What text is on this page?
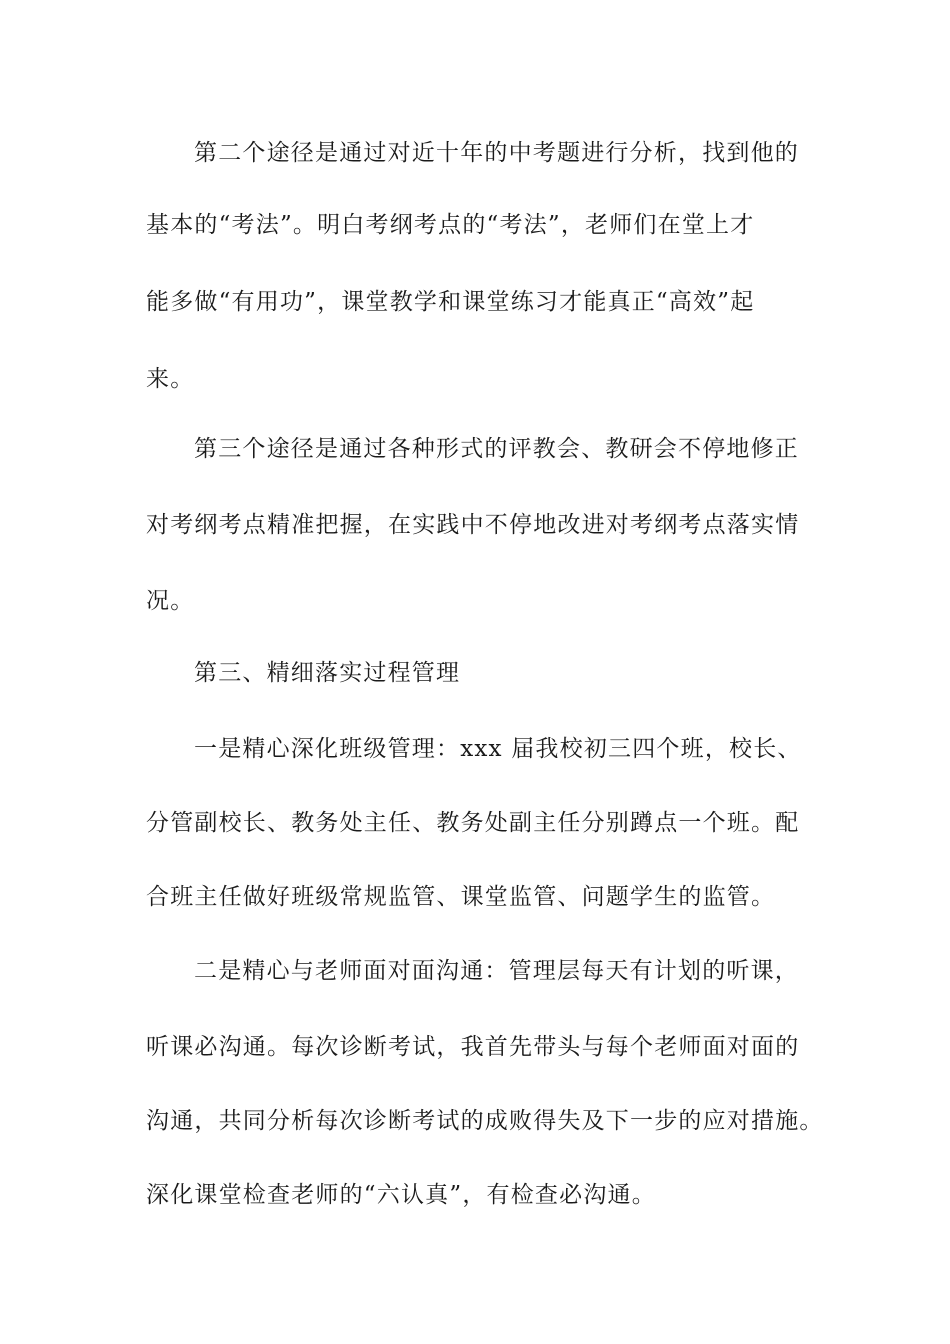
第二个途径是通过对近十年的中考题进行分析，找到他的

基本的“考法”。明白考纲考点的“考法”，老师们在堂上才

能多做“有用功”，课堂教学和课堂练习才能真正“高效”起

来。

第三个途径是通过各种形式的评教会、教研会不停地修正

对考纲考点精准把握，在实践中不停地改进对考纲考点落实情

况。

第三、精细落实过程管理

一是精心深化班级管理：xxx 届我校初三四个班，校长、

分管副校长、教务处主任、教务处副主任分别蹲点一个班。配

合班主任做好班级常规监管、课堂监管、问题学生的监管。

二是精心与老师面对面沟通：管理层每天有计划的听课，

听课必沟通。每次诊断考试，我首先带头与每个老师面对面的

沟通，共同分析每次诊断考试的成败得失及下一步的应对措施。

深化课堂检查老师的“六认真”，有检查必沟通。
